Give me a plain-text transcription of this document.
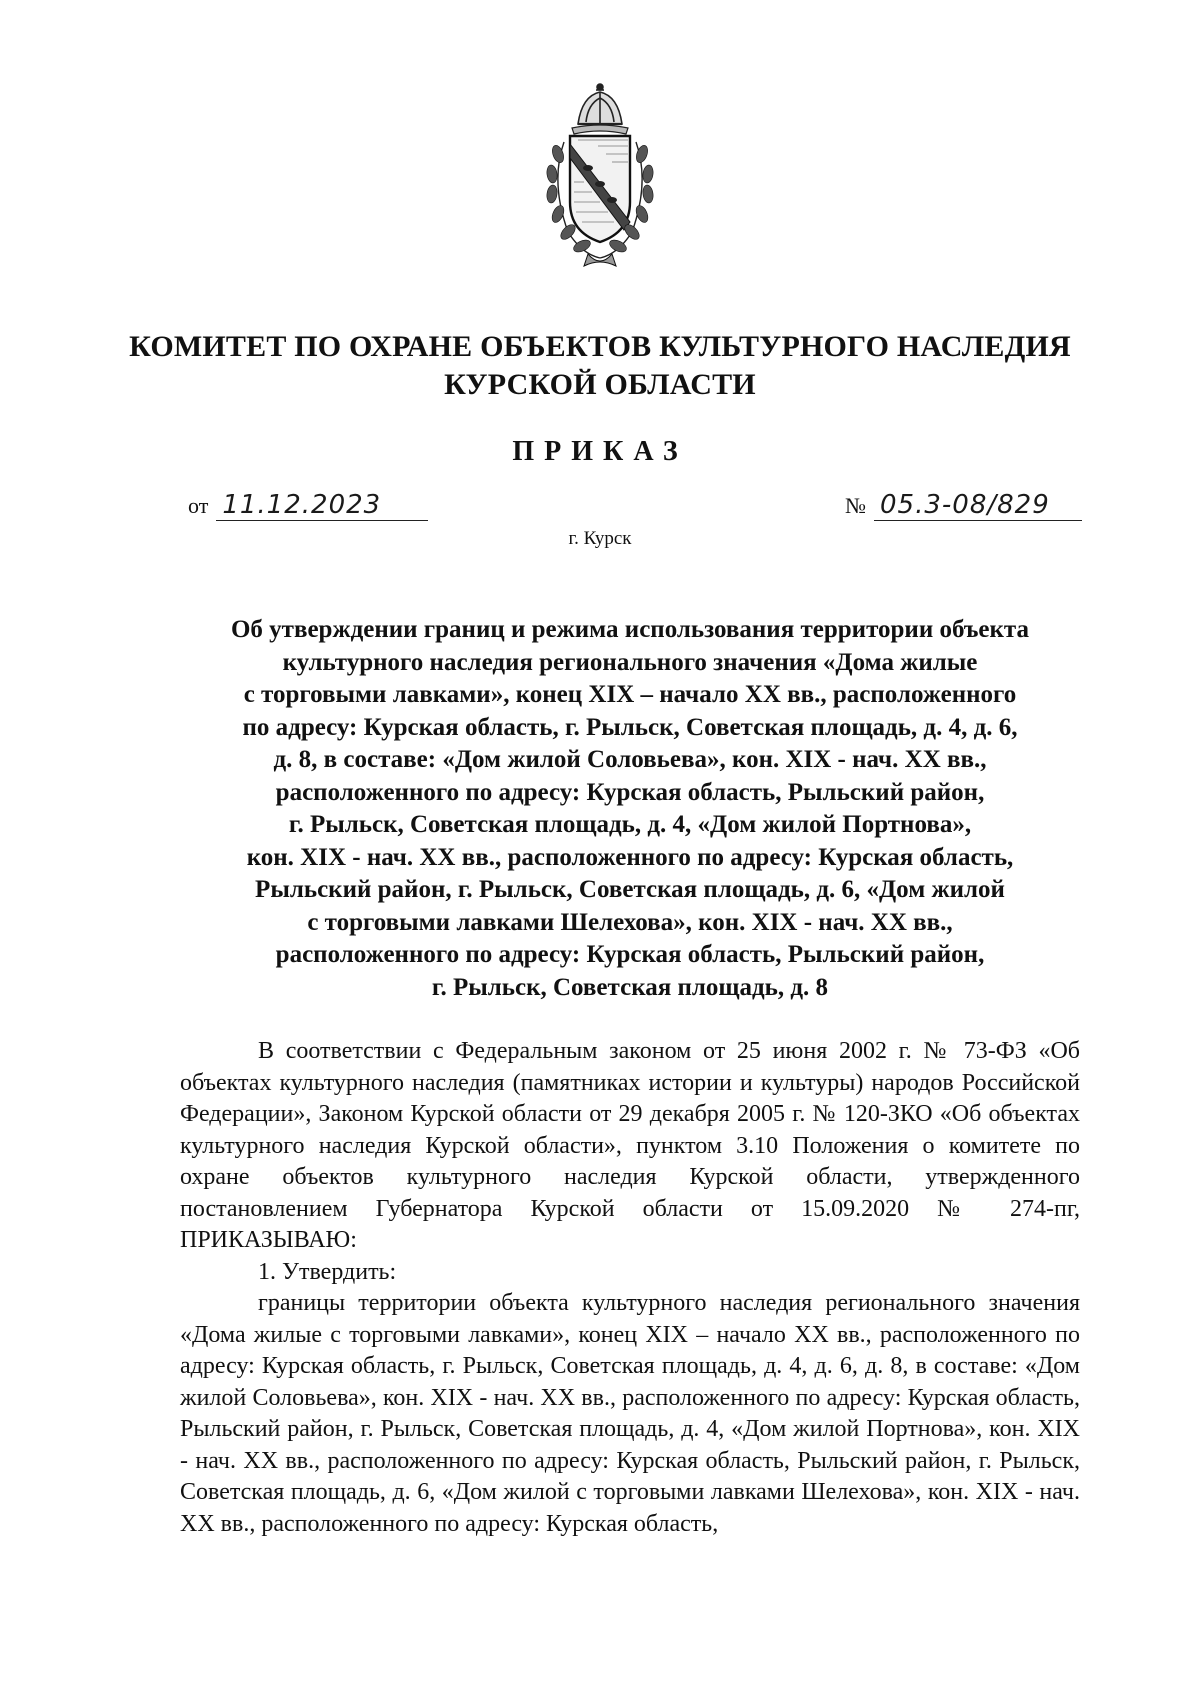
КОМИТЕТ ПО ОХРАНЕ ОБЪЕКТОВ КУЛЬТУРНОГО НАСЛЕДИЯ
КУРСКОЙ ОБЛАСТИ
ПРИКАЗ
от 11.12.2023	№ 05.3-08/829
г. Курск
Об утверждении границ и режима использования территории объекта
культурного наследия регионального значения «Дома жилые
с торговыми лавками», конец XIX – начало XX вв., расположенного
по адресу: Курская область, г. Рыльск, Советская площадь, д. 4, д. 6,
д. 8, в составе: «Дом жилой Соловьева», кон. XIX - нач. XX вв.,
расположенного по адресу: Курская область, Рыльский район,
г. Рыльск, Советская площадь, д. 4, «Дом жилой Портнова»,
кон. XIX - нач. XX вв., расположенного по адресу: Курская область,
Рыльский район, г. Рыльск, Советская площадь, д. 6, «Дом жилой
с торговыми лавками Шелехова», кон. XIX - нач. XX вв.,
расположенного по адресу: Курская область, Рыльский район,
г. Рыльск, Советская площадь, д. 8

В соответствии с Федеральным законом от 25 июня 2002 г. № 73-ФЗ «Об объектах культурного наследия (памятниках истории и культуры) народов Российской Федерации», Законом Курской области от 29 декабря 2005 г. № 120-ЗКО «Об объектах культурного наследия Курской области», пунктом 3.10 Положения о комитете по охране объектов культурного наследия Курской области, утвержденного постановлением Губернатора Курской области от 15.09.2020 № 274-пг, ПРИКАЗЫВАЮ:

1. Утвердить:

границы территории объекта культурного наследия регионального значения «Дома жилые с торговыми лавками», конец XIX – начало XX вв., расположенного по адресу: Курская область, г. Рыльск, Советская площадь, д. 4, д. 6, д. 8, в составе: «Дом жилой Соловьева», кон. XIX - нач. XX вв., расположенного по адресу: Курская область, Рыльский район, г. Рыльск, Советская площадь, д. 4, «Дом жилой Портнова», кон. XIX - нач. XX вв., расположенного по адресу: Курская область, Рыльский район, г. Рыльск, Советская площадь, д. 6, «Дом жилой с торговыми лавками Шелехова», кон. XIX - нач. XX вв., расположенного по адресу: Курская область,
